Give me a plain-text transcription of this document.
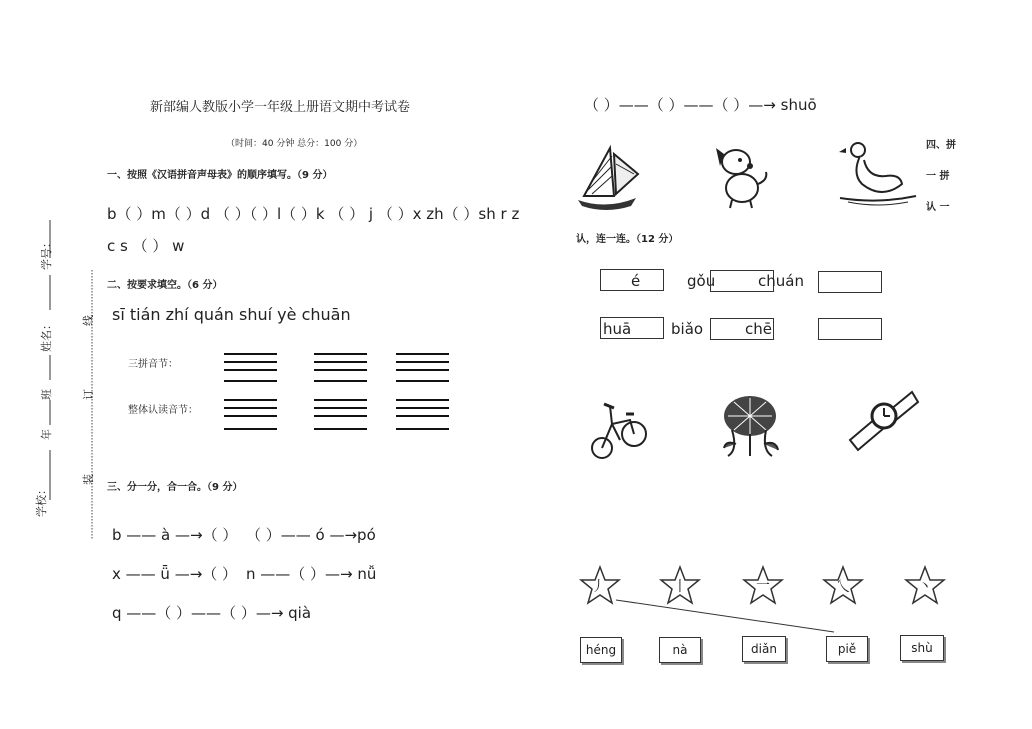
新部编人教版小学一年级上册语文期中考试卷
（时间：40 分钟 总分：100 分）
一、按照《汉语拼音声母表》的顺序填写。（9 分）
b（ ）m（ ）d （ ）（ ）l（ ）k （ ） j （ ）x zh（ ）sh r z
c s （ ） w
二、按要求填空。（6 分）
sī tián zhí quán shuí yè chuān
三拼音节：
整体认读音节：
三、分一分，合一合。（9 分）
b —— à —→（ ） （ ）—— ó —→pó
x —— ǖ —→（ ） n ——（ ）—→ nǚ
q ——（ ）——（ ）—→ qià
（ ）——（ ）——（ ）—→ shuō
学校：
年
班
姓名：
学号：
装
订
线
四、拼
一 拼
认 一
认，连一连。（12 分）
é	gǒu	chuán
huā	biǎo	chē
丿	丨	一	乀	丶
héng	nà	diǎn	piě	shù
